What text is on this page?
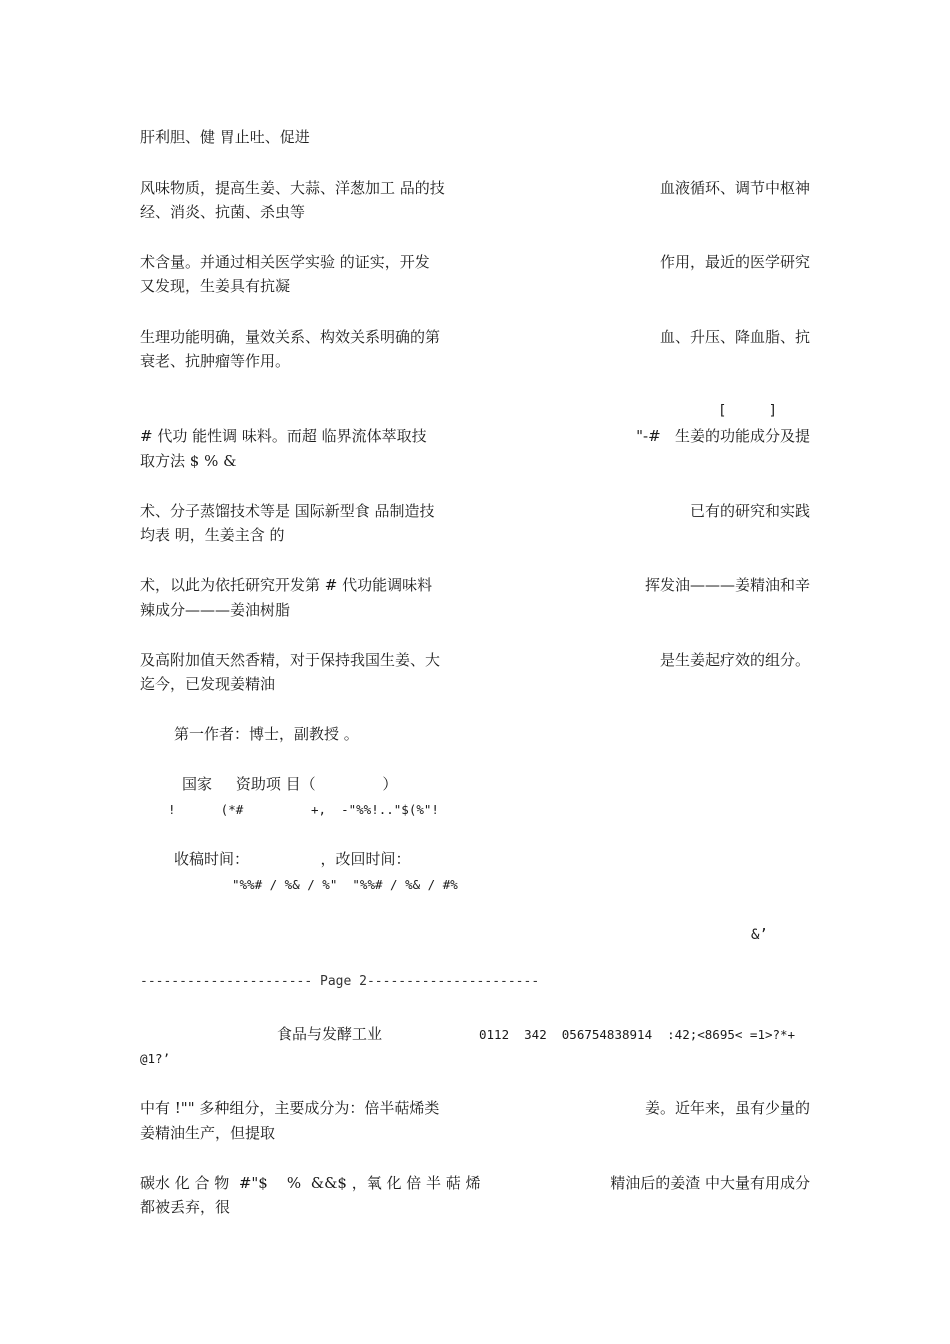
肝利胆、健 胃止吐、促进
风味物质，提高生姜、大蒜、洋葱加工 品的技	血液循环、调节中枢神
经、消炎、抗菌、杀虫等
术含量。并通过相关医学实验 的证实，开发	作用，最近的医学研究
又发现，生姜具有抗凝
生理功能明确，量效关系、构效关系明确的第	血、升压、降血脂、抗
衰老、抗肿瘤等作用。
[     ]
# 代功 能性调 味料。而超 临界流体萃取技	"-#   生姜的功能成分及提
取方法 $ % &
术、分子蒸馏技术等是 国际新型食 品制造技	已有的研究和实践
均表 明，生姜主含 的
术，以此为依托研究开发第 # 代功能调味料	挥发油———姜精油和辛
辣成分———姜油树脂
及高附加值天然香精，对于保持我国生姜、大	是生姜起疗效的组分。
迄今，已发现姜精油
第一作者：博士，副教授 。
国家     资助项 目（              ）
!      (*#         +,  -"%%!.."$(%"!
收稿时间：               ，改回时间：
"%%# / %& / %"  "%%# / %& / #%
&’
---------------------- Page 2----------------------
食品与发酵工业	0112  342  056754838914  :42;<8695< =1>?*+
@1?’
中有 !"" 多种组分，主要成分为：倍半萜烯类	姜。近年来，虽有少量的
姜精油生产，但提取
碳水 化 合 物  #"$    %  &&$ ，氧 化 倍 半 萜 烯	精油后的姜渣 中大量有用成分
都被丢弃，很
